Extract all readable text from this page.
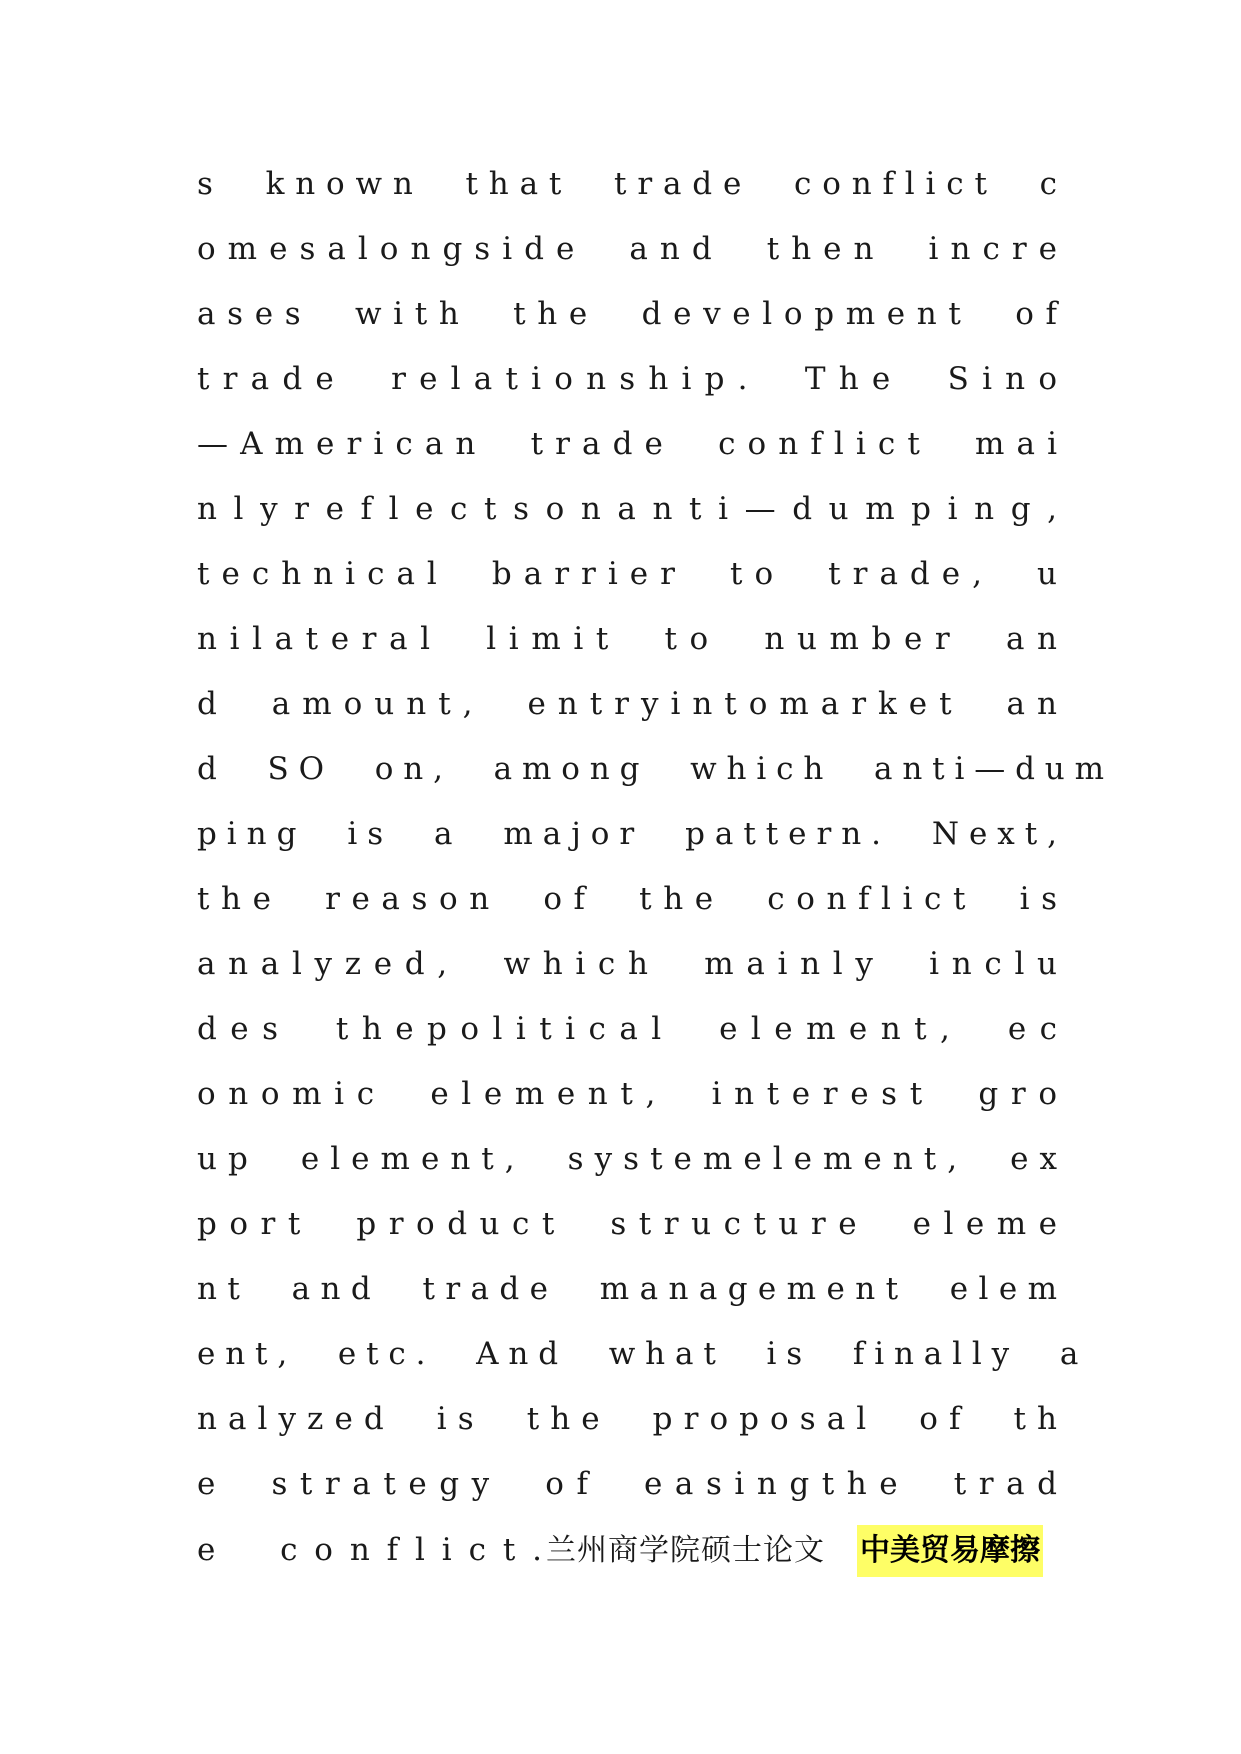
s   k n o w n   t h a t   t r a d e   c o n f l i c t   c
o m e s a l o n g s i d e   a n d   t h e n   i n c r e
a s e s   w i t h   t h e   d e v e l o p m e n t   o f
t r a d e   r e l a t i o n s h i p .   T h e   S i n o
— A m e r i c a n   t r a d e   c o n f l i c t   m a i
n l y r e f l e c t s o n a n t i — d u m p i n g ,
t e c h n i c a l   b a r r i e r   t o   t r a d e ,   u
n i l a t e r a l   l i m i t   t o   n u m b e r   a n
d   a m o u n t ,   e n t r y i n t o m a r k e t   a n
d   S O   o n ,   a m o n g   w h i c h   a n t i — d u m
p i n g   i s   a   m a j o r   p a t t e r n .   N e x t ,
t h e   r e a s o n   o f   t h e   c o n f l i c t   i s
a n a l y z e d ,   w h i c h   m a i n l y   i n c l u
d e s   t h e p o l i t i c a l   e l e m e n t ,   e c
o n o m i c   e l e m e n t ,   i n t e r e s t   g r o
u p   e l e m e n t ,   s y s t e m e l e m e n t ,   e x
p o r t   p r o d u c t   s t r u c t u r e   e l e m e
n t   a n d   t r a d e   m a n a g e m e n t   e l e m
e n t ,   e t c .   A n d   w h a t   i s   f i n a l l y   a
n a l y z e d   i s   t h e   p r o p o s a l   o f   t h
e   s t r a t e g y   o f   e a s i n g t h e   t r a d
e   c o n f l i c t . 兰州商学院硕士论文 中美贸易摩擦
